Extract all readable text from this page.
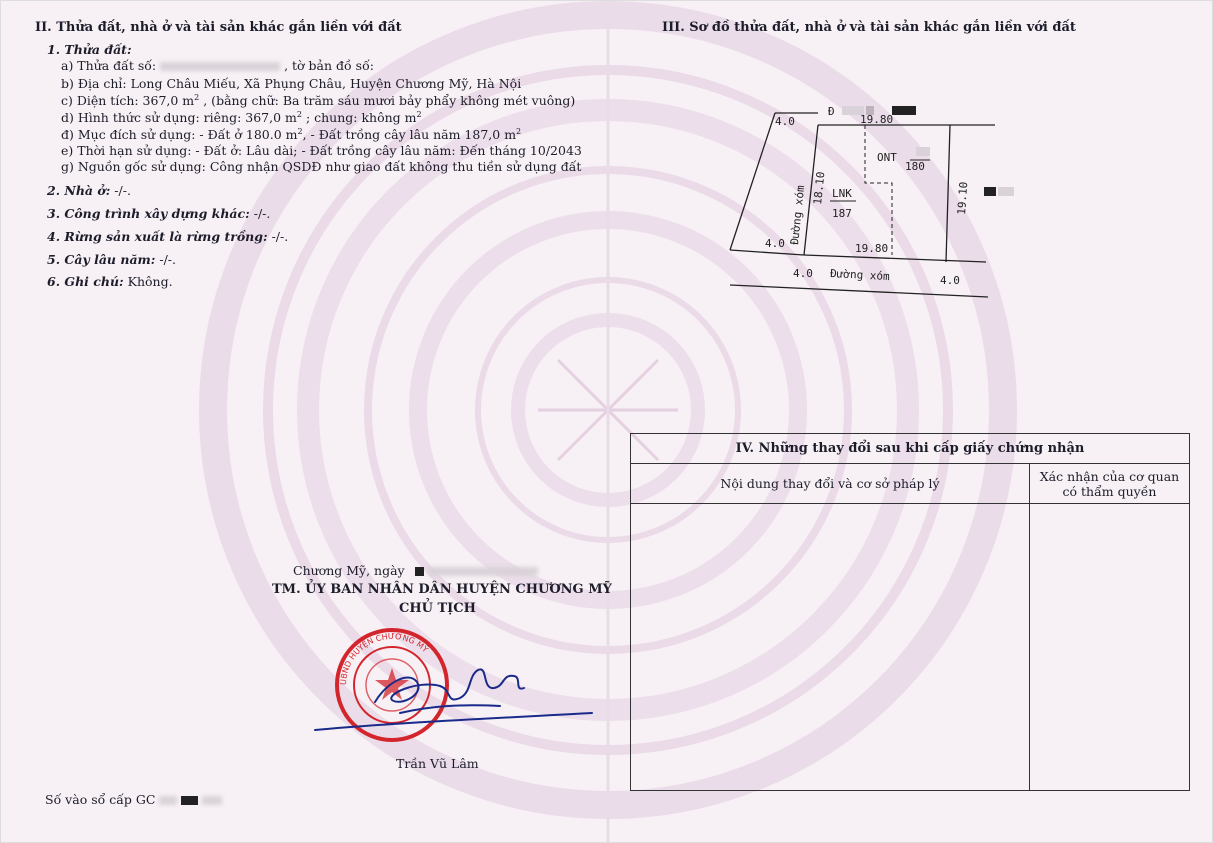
II. Thửa đất, nhà ở và tài sản khác gắn liền với đất
1. Thửa đất:
a) Thửa đất số:	, tờ bản đồ số:
b) Địa chỉ: Long Châu Miếu, Xã Phụng Châu, Huyện Chương Mỹ, Hà Nội
c) Diện tích: 367,0 $m^2$ , (bằng chữ: Ba trăm sáu mươi bảy phẩy không mét vuông)
d) Hình thức sử dụng: riêng: 367,0 $m^2$ ; chung: không $m^2$
đ) Mục đích sử dụng: - Đất ở 180.0 $m^2$, - Đất trồng cây lâu năm 187,0 $m^2$
e) Thời hạn sử dụng: - Đất ở: Lâu dài; - Đất trồng cây lâu năm: Đến tháng 10/2043
g) Nguồn gốc sử dụng: Công nhận QSDĐ như giao đất không thu tiền sử dụng đất
2. Nhà ở: -/-.
3. Công trình xây dựng khác: -/-.
4. Rừng sản xuất là rừng trồng: -/-.
5. Cây lâu năm: -/-.
6. Ghi chú: Không.
Chương Mỹ, ngày
TM. ỦY BAN NHÂN DÂN HUYỆN CHƯƠNG MỸ
CHỦ TỊCH
UBND HUYỆN CHƯƠNG MỸ
Trần Vũ Lâm
Số vào sổ cấp GC
III. Sơ đồ thửa đất, nhà ở và tài sản khác gắn liền với đất
4.0
Đ
19.80
Đường xóm 18.10
ONT
180
LNK
187	19.10
19.80
4.0
4.0 Đường xóm	4.0
IV. Những thay đổi sau khi cấp giấy chứng nhận	
Nội dung thay đổi và cơ sở pháp lý	Xác nhận của cơ quan
có thẩm quyền
